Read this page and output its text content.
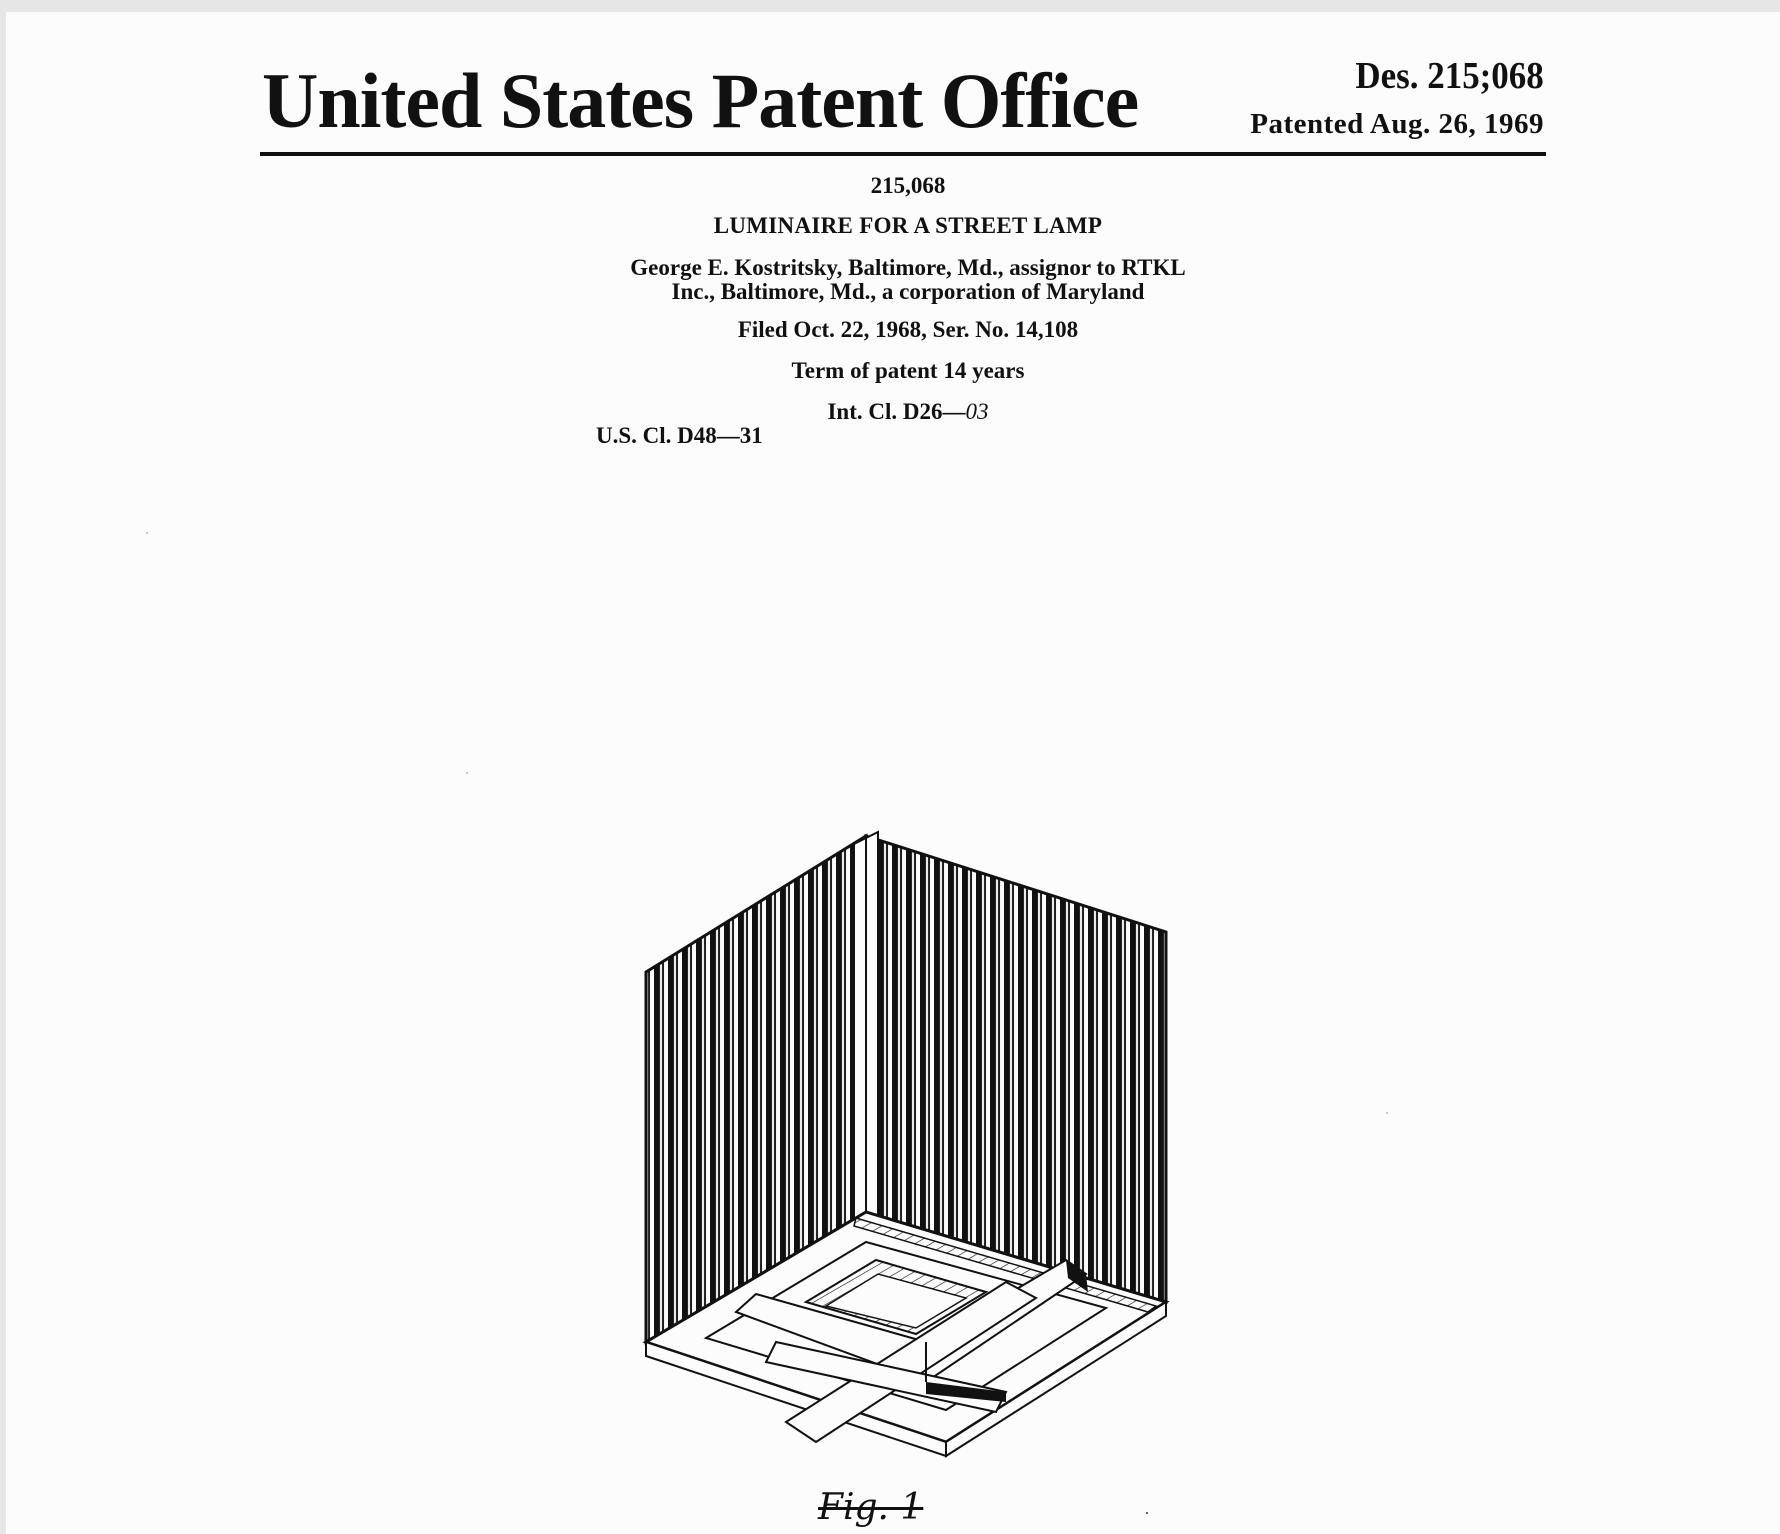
United States Patent Office	Des. 215;068
Patented Aug. 26, 1969
215,068
LUMINAIRE FOR A STREET LAMP
George E. Kostritsky, Baltimore, Md., assignor to RTKL
Inc., Baltimore, Md., a corporation of Maryland
Filed Oct. 22, 1968, Ser. No. 14,108
Term of patent 14 years
Int. Cl. D26—03
U.S. Cl. D48—31
Fig. 1
